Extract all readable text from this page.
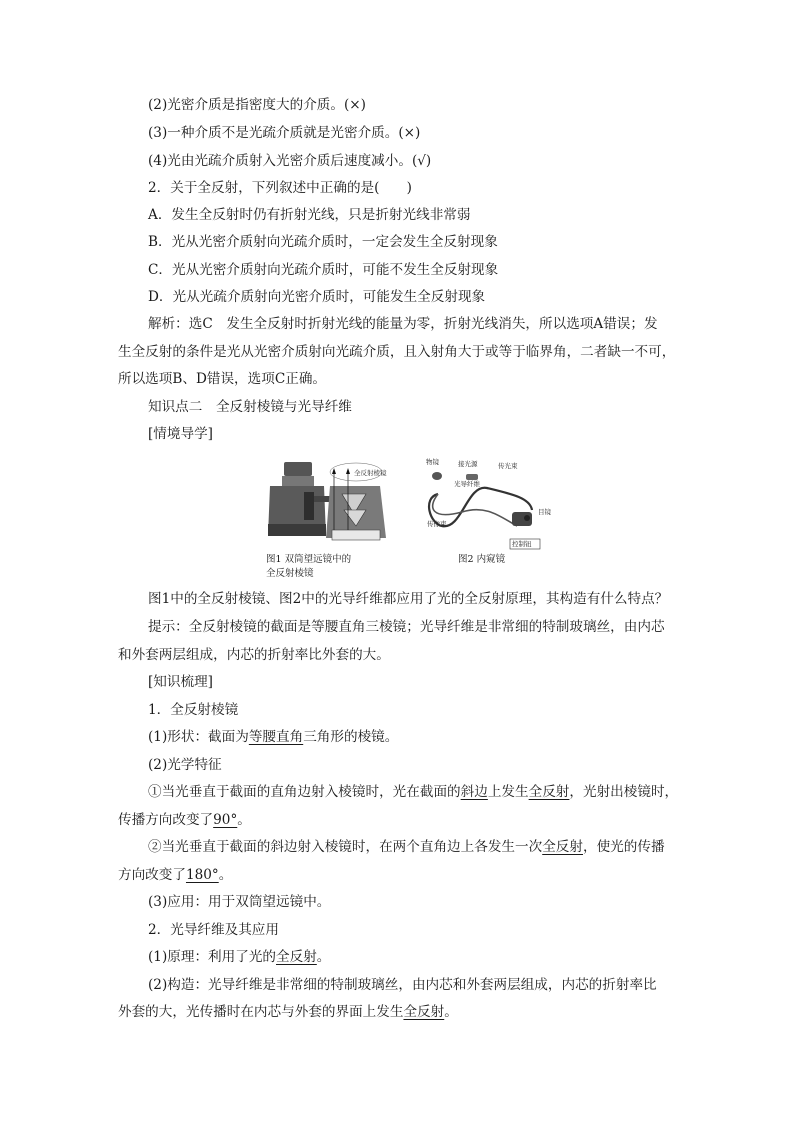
(2)光密介质是指密度大的介质。(×)
(3)一种介质不是光疏介质就是光密介质。(×)
(4)光由光疏介质射入光密介质后速度减小。(√)
2．关于全反射，下列叙述中正确的是(　　)
A．发生全反射时仍有折射光线，只是折射光线非常弱
B．光从光密介质射向光疏介质时，一定会发生全反射现象
C．光从光密介质射向光疏介质时，可能不发生全反射现象
D．光从光疏介质射向光密介质时，可能发生全反射现象
解析：选C　发生全反射时折射光线的能量为零，折射光线消失，所以选项A错误；发
生全反射的条件是光从光密介质射向光疏介质，且入射角大于或等于临界角，二者缺一不可，
所以选项B、D错误，选项C正确。
知识点二　全反射棱镜与光导纤维
[情境导学]
全反射棱镜
物镜	接光源	传光束
光导纤维
传像束
目镜
控制钮
图1 双筒望远镜中的
全反射棱镜
图2 内窥镜
图1中的全反射棱镜、图2中的光导纤维都应用了光的全反射原理，其构造有什么特点？
提示：全反射棱镜的截面是等腰直角三棱镜；光导纤维是非常细的特制玻璃丝，由内芯
和外套两层组成，内芯的折射率比外套的大。
[知识梳理]
1．全反射棱镜
(1)形状：截面为等腰直角三角形的棱镜。
(2)光学特征
①当光垂直于截面的直角边射入棱镜时，光在截面的斜边上发生全反射，光射出棱镜时，
传播方向改变了90°。
②当光垂直于截面的斜边射入棱镜时，在两个直角边上各发生一次全反射，使光的传播
方向改变了180°。
(3)应用：用于双筒望远镜中。
2．光导纤维及其应用
(1)原理：利用了光的全反射。
(2)构造：光导纤维是非常细的特制玻璃丝，由内芯和外套两层组成，内芯的折射率比
外套的大，光传播时在内芯与外套的界面上发生全反射。
